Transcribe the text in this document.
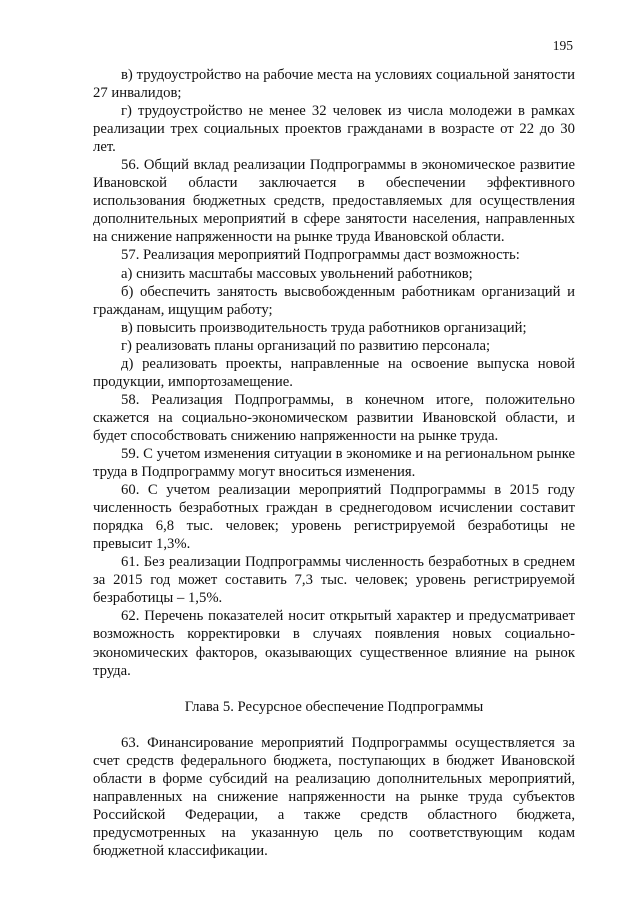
195

в) трудоустройство на рабочие места на условиях социальной занятости 27 инвалидов;

г) трудоустройство не менее 32 человек из числа молодежи в рамках реализации трех социальных проектов гражданами в возрасте от 22 до 30 лет.

56. Общий вклад реализации Подпрограммы в экономическое развитие Ивановской области заключается в обеспечении эффективного использования бюджетных средств, предоставляемых для осуществления дополнительных мероприятий в сфере занятости населения, направленных на снижение напряженности на рынке труда Ивановской области.

57. Реализация мероприятий Подпрограммы даст возможность:

а) снизить масштабы массовых увольнений работников;

б) обеспечить занятость высвобожденным работникам организаций и гражданам, ищущим работу;

в) повысить производительность труда работников организаций;

г) реализовать планы организаций по развитию персонала;

д) реализовать проекты, направленные на освоение выпуска новой продукции, импортозамещение.

58. Реализация Подпрограммы, в конечном итоге, положительно скажется на социально-экономическом развитии Ивановской области, и будет способствовать снижению напряженности на рынке труда.

59. С учетом изменения ситуации в экономике и на региональном рынке труда в Подпрограмму могут вноситься изменения.

60. С учетом реализации мероприятий Подпрограммы в 2015 году численность безработных граждан в среднегодовом исчислении составит порядка 6,8 тыс. человек; уровень регистрируемой безработицы не превысит 1,3%.

61. Без реализации Подпрограммы численность безработных в среднем за 2015 год может составить 7,3 тыс. человек; уровень регистрируемой безработицы – 1,5%.

62. Перечень показателей носит открытый характер и предусматривает возможность корректировки в случаях появления новых социально-экономических факторов, оказывающих существенное влияние на рынок труда.

Глава 5. Ресурсное обеспечение Подпрограммы

63. Финансирование мероприятий Подпрограммы осуществляется за счет средств федерального бюджета, поступающих в бюджет Ивановской области в форме субсидий на реализацию дополнительных мероприятий, направленных на снижение напряженности на рынке труда субъектов Российской Федерации, а также средств областного бюджета, предусмотренных на указанную цель по соответствующим кодам бюджетной классификации.
